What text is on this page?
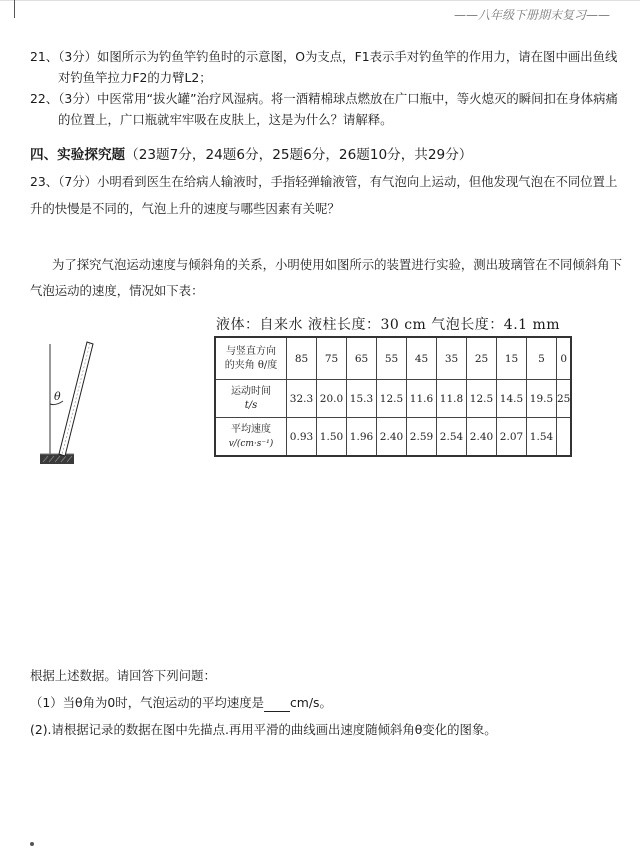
——八年级下册期末复习——
21、（3分）如图所示为钓鱼竿钓鱼时的示意图，O为支点，F1表示手对钓鱼竿的作用力，请在图中画出鱼线
对钓鱼竿拉力F2的力臂L2；
22、（3分）中医常用“拔火罐”治疗风湿病。将一酒精棉球点燃放在广口瓶中，等火熄灭的瞬间扣在身体病痛
的位置上，广口瓶就牢牢吸在皮肤上，这是为什么？请解释。
四、实验探究题（23题7分，24题6分，25题6分，26题10分，共29分）
23、（7分）小明看到医生在给病人输液时，手指轻弹输液管，有气泡向上运动，但他发现气泡在不同位置上
升的快慢是不同的，气泡上升的速度与哪些因素有关呢？
为了探究气泡运动速度与倾斜角的关系，小明使用如图所示的装置进行实验，测出玻璃管在不同倾斜角下
气泡运动的速度，情况如下表：
θ
液体：自来水 液柱长度：30 cm 气泡长度：4.1 mm
与竖直方向
的夹角 θ/度	85	75	65	55	45	35	25	15	5	0

运动时间
t/s	32.3	20.0	15.3	12.5	11.6	11.8	12.5	14.5	19.5	25

平均速度
v/(cm·s⁻¹)	0.93	1.50	1.96	2.40	2.59	2.54	2.40	2.07	1.54	
根据上述数据。请回答下列问题：
（1）当θ角为0时，气泡运动的平均速度是 cm/s。
(2).请根据记录的数据在图中先描点.再用平滑的曲线画出速度随倾斜角θ变化的图象。
